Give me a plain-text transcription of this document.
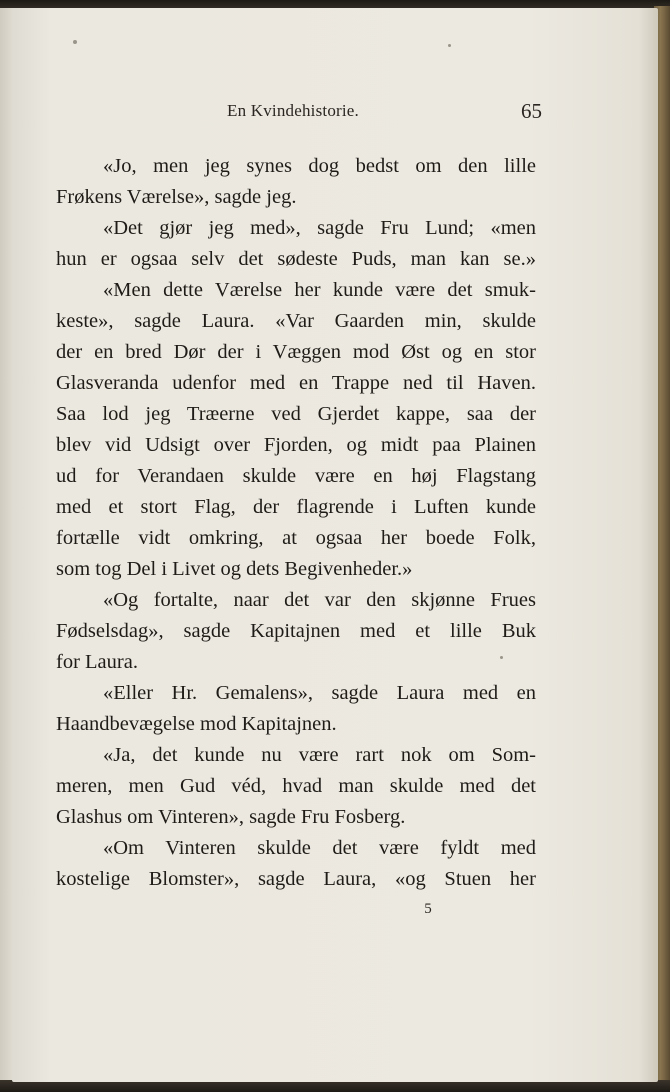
En Kvindehistorie.	65
«Jo, men jeg synes dog bedst om den lille
Frøkens Værelse», sagde jeg.
«Det gjør jeg med», sagde Fru Lund; «men
hun er ogsaa selv det sødeste Puds, man kan se.»
«Men dette Værelse her kunde være det smuk-
keste», sagde Laura. «Var Gaarden min, skulde
der en bred Dør der i Væggen mod Øst og en stor
Glasveranda udenfor med en Trappe ned til Haven.
Saa lod jeg Træerne ved Gjerdet kappe, saa der
blev vid Udsigt over Fjorden, og midt paa Plainen
ud for Verandaen skulde være en høj Flagstang
med et stort Flag, der flagrende i Luften kunde
fortælle vidt omkring, at ogsaa her boede Folk,
som tog Del i Livet og dets Begivenheder.»
«Og fortalte, naar det var den skjønne Frues
Fødselsdag», sagde Kapitajnen med et lille Buk
for Laura.
«Eller Hr. Gemalens», sagde Laura med en
Haandbevægelse mod Kapitajnen.
«Ja, det kunde nu være rart nok om Som-
meren, men Gud véd, hvad man skulde med det
Glashus om Vinteren», sagde Fru Fosberg.
«Om Vinteren skulde det være fyldt med
kostelige Blomster», sagde Laura, «og Stuen her
5
